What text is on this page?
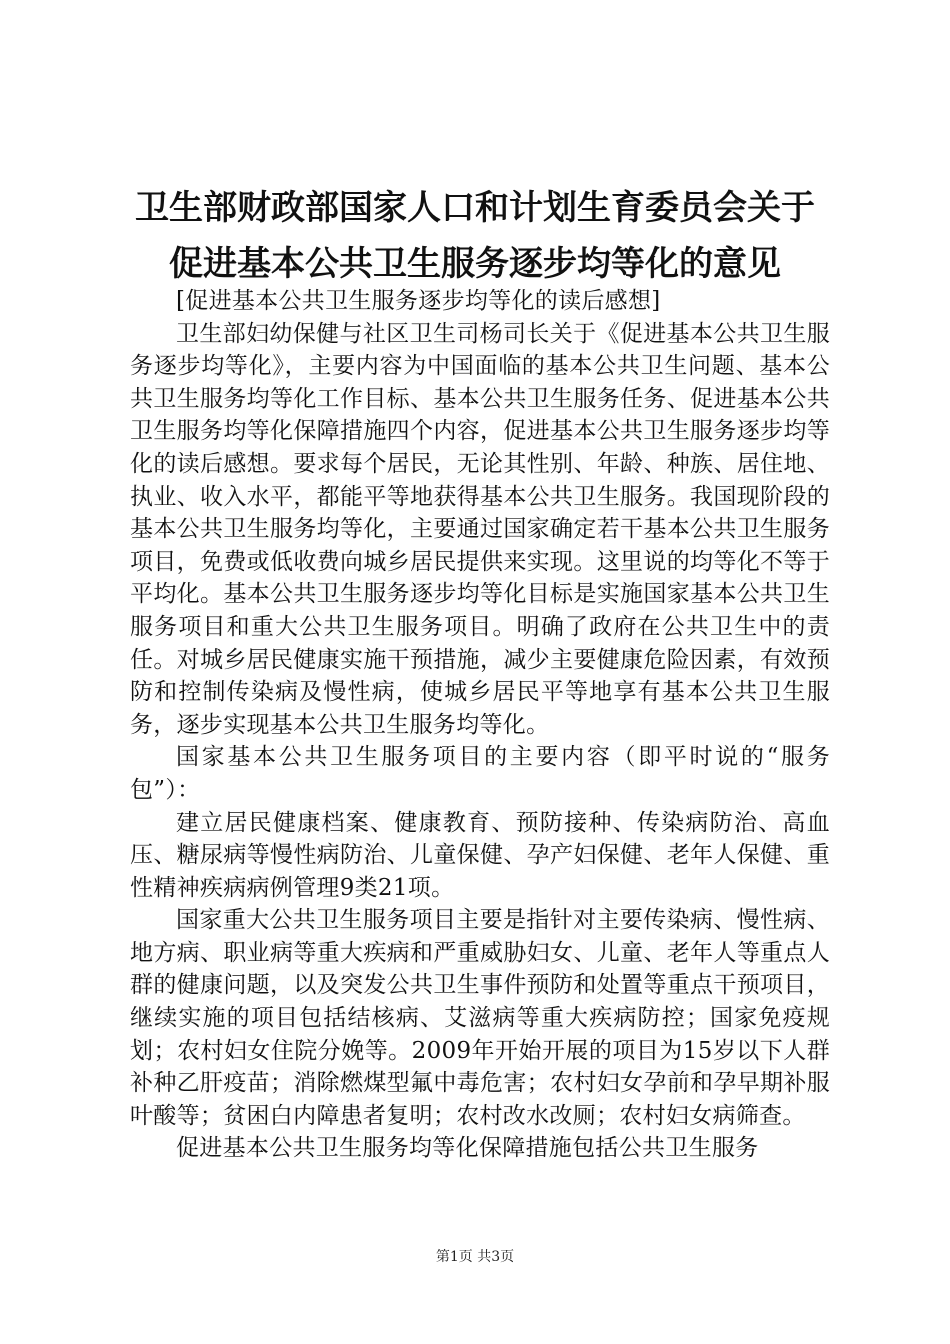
卫生部财政部国家人口和计划生育委员会关于
促进基本公共卫生服务逐步均等化的意见

[促进基本公共卫生服务逐步均等化的读后感想]

卫生部妇幼保健与社区卫生司杨司长关于《促进基本公共卫生服务逐步均等化》，主要内容为中国面临的基本公共卫生问题、基本公共卫生服务均等化工作目标、基本公共卫生服务任务、促进基本公共卫生服务均等化保障措施四个内容，促进基本公共卫生服务逐步均等化的读后感想。要求每个居民，无论其性别、年龄、种族、居住地、执业、收入水平，都能平等地获得基本公共卫生服务。我国现阶段的基本公共卫生服务均等化，主要通过国家确定若干基本公共卫生服务项目，免费或低收费向城乡居民提供来实现。这里说的均等化不等于平均化。基本公共卫生服务逐步均等化目标是实施国家基本公共卫生服务项目和重大公共卫生服务项目。明确了政府在公共卫生中的责任。对城乡居民健康实施干预措施，减少主要健康危险因素，有效预防和控制传染病及慢性病，使城乡居民平等地享有基本公共卫生服务，逐步实现基本公共卫生服务均等化。

国家基本公共卫生服务项目的主要内容（即平时说的“服务包”）：

建立居民健康档案、健康教育、预防接种、传染病防治、高血压、糖尿病等慢性病防治、儿童保健、孕产妇保健、老年人保健、重性精神疾病病例管理9类21项。

国家重大公共卫生服务项目主要是指针对主要传染病、慢性病、地方病、职业病等重大疾病和严重威胁妇女、儿童、老年人等重点人群的健康问题，以及突发公共卫生事件预防和处置等重点干预项目，继续实施的项目包括结核病、艾滋病等重大疾病防控；国家免疫规划；农村妇女住院分娩等。2009年开始开展的项目为15岁以下人群补种乙肝疫苗；消除燃煤型氟中毒危害；农村妇女孕前和孕早期补服叶酸等；贫困白内障患者复明；农村改水改厕；农村妇女病筛查。

促进基本公共卫生服务均等化保障措施包括公共卫生服务

第1页 共3页
